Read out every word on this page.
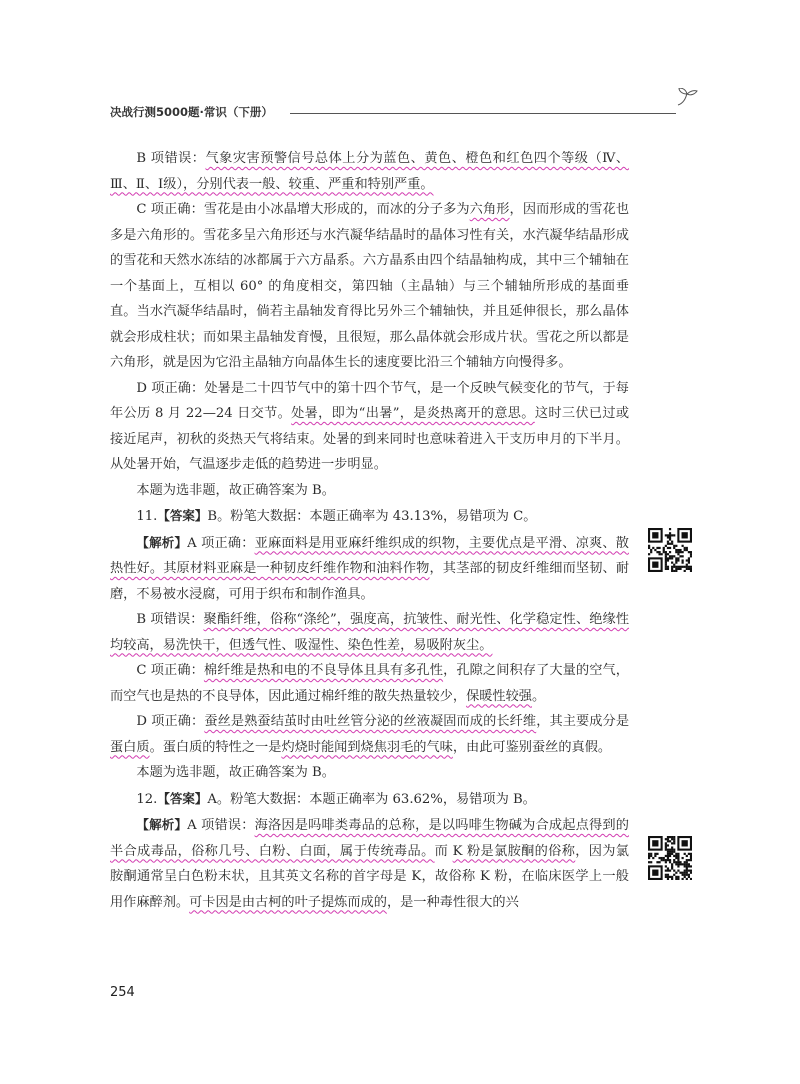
决战行测5000题·常识（下册）

B 项错误：气象灾害预警信号总体上分为蓝色、黄色、橙色和红色四个等级（Ⅳ、Ⅲ、Ⅱ、Ⅰ级），分别代表一般、较重、严重和特别严重。

C 项正确：雪花是由小冰晶增大形成的，而冰的分子多为六角形，因而形成的雪花也多是六角形的。雪花多呈六角形还与水汽凝华结晶时的晶体习性有关，水汽凝华结晶形成的雪花和天然水冻结的冰都属于六方晶系。六方晶系由四个结晶轴构成，其中三个辅轴在一个基面上，互相以 60° 的角度相交，第四轴（主晶轴）与三个辅轴所形成的基面垂直。当水汽凝华结晶时，倘若主晶轴发育得比另外三个辅轴快，并且延伸很长，那么晶体就会形成柱状；而如果主晶轴发育慢，且很短，那么晶体就会形成片状。雪花之所以都是六角形，就是因为它沿主晶轴方向晶体生长的速度要比沿三个辅轴方向慢得多。

D 项正确：处暑是二十四节气中的第十四个节气，是一个反映气候变化的节气，于每年公历 8 月 22—24 日交节。处暑，即为“出暑”，是炎热离开的意思。这时三伏已过或接近尾声，初秋的炎热天气将结束。处暑的到来同时也意味着进入干支历申月的下半月。从处暑开始，气温逐步走低的趋势进一步明显。

本题为选非题，故正确答案为 B。

11.【答案】B。粉笔大数据：本题正确率为 43.13%，易错项为 C。

【解析】A 项正确：亚麻面料是用亚麻纤维织成的织物，主要优点是平滑、凉爽、散热性好。其原材料亚麻是一种韧皮纤维作物和油料作物，其茎部的韧皮纤维细而坚韧、耐磨，不易被水浸腐，可用于织布和制作渔具。

B 项错误：聚酯纤维，俗称“涤纶”，强度高，抗皱性、耐光性、化学稳定性、绝缘性均较高，易洗快干，但透气性、吸湿性、染色性差，易吸附灰尘。

C 项正确：棉纤维是热和电的不良导体且具有多孔性，孔隙之间积存了大量的空气，而空气也是热的不良导体，因此通过棉纤维的散失热量较少，保暖性较强。

D 项正确：蚕丝是熟蚕结茧时由吐丝管分泌的丝液凝固而成的长纤维，其主要成分是蛋白质。蛋白质的特性之一是灼烧时能闻到烧焦羽毛的气味，由此可鉴别蚕丝的真假。

本题为选非题，故正确答案为 B。

12.【答案】A。粉笔大数据：本题正确率为 63.62%，易错项为 B。

【解析】A 项错误：海洛因是吗啡类毒品的总称，是以吗啡生物碱为合成起点得到的半合成毒品，俗称几号、白粉、白面，属于传统毒品。而 K 粉是氯胺酮的俗称，因为氯胺酮通常呈白色粉末状，且其英文名称的首字母是 K，故俗称 K 粉，在临床医学上一般用作麻醉剂。可卡因是由古柯的叶子提炼而成的，是一种毒性很大的兴

254
